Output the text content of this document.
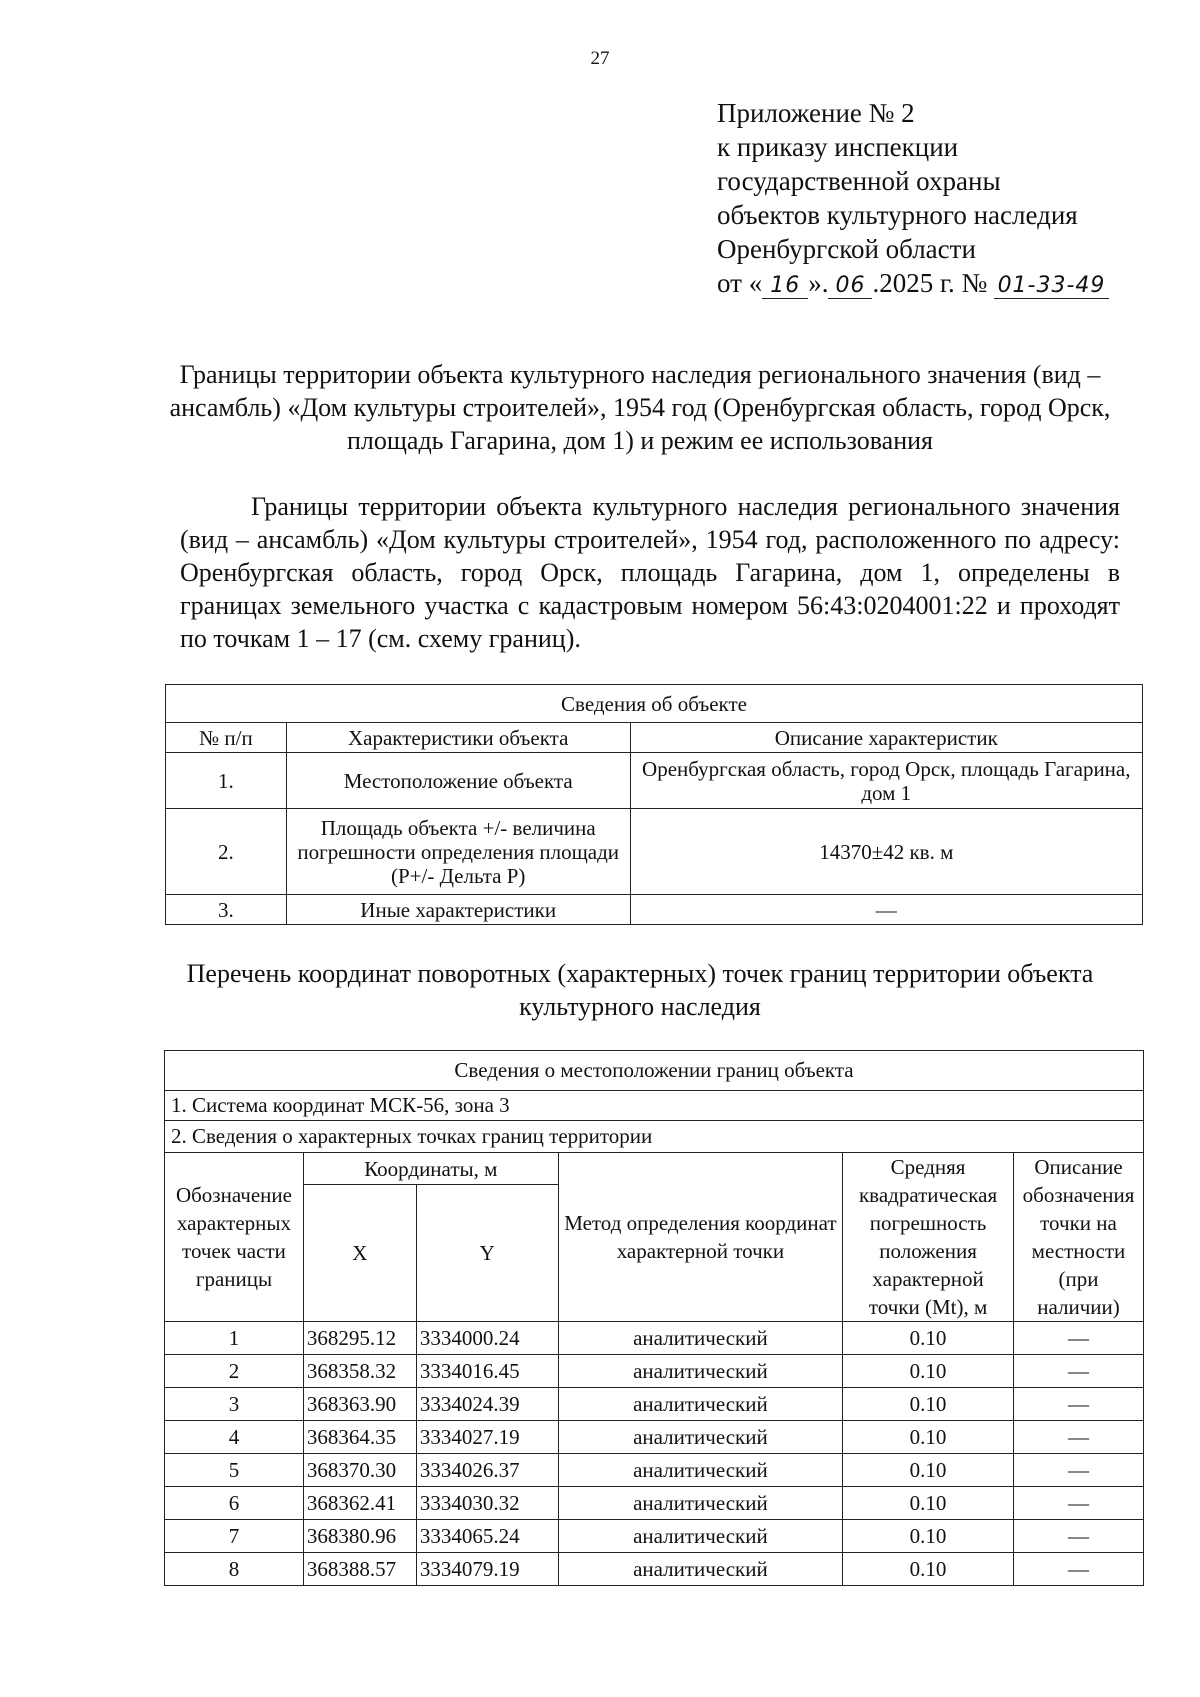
27
Приложение № 2
к приказу инспекции
государственной охраны
объектов культурного наследия
Оренбургской области
от « 16 ». 06 .2025 г. № 01-33-49
Границы территории объекта культурного наследия регионального значения (вид – ансамбль) «Дом культуры строителей», 1954 год (Оренбургская область, город Орск, площадь Гагарина, дом 1) и режим ее использования
Границы территории объекта культурного наследия регионального значения (вид – ансамбль) «Дом культуры строителей», 1954 год, расположенного по адресу: Оренбургская область, город Орск, площадь Гагарина, дом 1, определены в границах земельного участка с кадастровым номером 56:43:0204001:22 и проходят по точкам 1 – 17 (см. схему границ).
Сведения об объекте		
№ п/п	Характеристики объекта	Описание характеристик
1.	Местоположение объекта	Оренбургская область, город Орск, площадь Гагарина, дом 1
2.	Площадь объекта +/- величина погрешности определения площади (Р+/- Дельта Р)	14370±42 кв. м
3.	Иные характеристики	—
Перечень координат поворотных (характерных) точек границ территории объекта культурного наследия
Сведения о местоположении границ объекта					
1. Система координат МСК-56, зона 3					
2. Сведения о характерных точках границ территории					
Обозначение характерных точек части границы	Координаты, м		Метод определения координат характерной точки	Средняя квадратическая погрешность положения характерной точки (Mt), м	Описание обозначения точки на местности (при наличии)
	X	Y			
1	368295.12	3334000.24	аналитический	0.10	—
2	368358.32	3334016.45	аналитический	0.10	—
3	368363.90	3334024.39	аналитический	0.10	—
4	368364.35	3334027.19	аналитический	0.10	—
5	368370.30	3334026.37	аналитический	0.10	—
6	368362.41	3334030.32	аналитический	0.10	—
7	368380.96	3334065.24	аналитический	0.10	—
8	368388.57	3334079.19	аналитический	0.10	—
